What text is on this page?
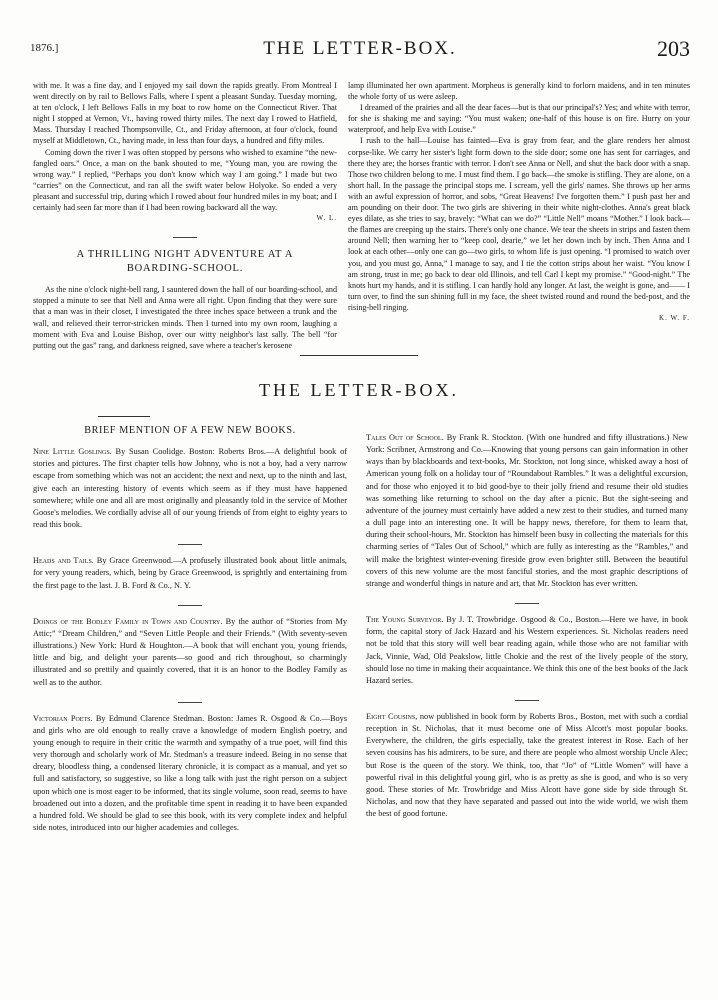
1876.]	THE LETTER-BOX.	203

with me. It was a fine day, and I enjoyed my sail down the rapids greatly. From Montreal I went directly on by rail to Bellows Falls, where I spent a pleasant Sunday. Tuesday morning, at ten o'clock, I left Bellows Falls in my boat to row home on the Connecticut River. That night I stopped at Vernon, Vt., having rowed thirty miles. The next day I rowed to Hatfield, Mass. Thursday I reached Thompsonville, Ct., and Friday afternoon, at four o'clock, found myself at Middletown, Ct., having made, in less than four days, a hundred and fifty miles.

Coming down the river I was often stopped by persons who wished to examine “the new-fangled oars.” Once, a man on the bank shouted to me, “Young man, you are rowing the wrong way.” I replied, “Perhaps you don't know which way I am going.” I made but two “carries” on the Connecticut, and ran all the swift water below Holyoke. So ended a very pleasant and successful trip, during which I rowed about four hundred miles in my boat; and I certainly had seen far more than if I had been rowing backward all the way.

W. L.

A THRILLING NIGHT ADVENTURE AT A
BOARDING-SCHOOL.

As the nine o'clock night-bell rang, I sauntered down the hall of our boarding-school, and stopped a minute to see that Nell and Anna were all right. Upon finding that they were sure that a man was in their closet, I investigated the three inches space between a trunk and the wall, and relieved their terror-stricken minds. Then I turned into my own room, laughing a moment with Eva and Louise Bishop, over our witty neighbor's last sally. The bell “for putting out the gas” rang, and darkness reigned, save where a teacher's kerosene

lamp illuminated her own apartment. Morpheus is generally kind to forlorn maidens, and in ten minutes the whole forty of us were asleep.

I dreamed of the prairies and all the dear faces—but is that our principal's? Yes; and white with terror, for she is shaking me and saying: “You must waken; one-half of this house is on fire. Hurry on your waterproof, and help Eva with Louise.”

I rush to the hall—Louise has fainted—Eva is gray from fear, and the glare renders her almost corpse-like. We carry her sister's light form down to the side door; some one has sent for carriages, and there they are; the horses frantic with terror. I don't see Anna or Nell, and shut the back door with a snap. Those two children belong to me. I must find them. I go back—the smoke is stifling. They are alone, on a short hall. In the passage the principal stops me. I scream, yell the girls' names. She throws up her arms with an awful expression of horror, and sobs, “Great Heavens! I've forgotten them.” I push past her and am pounding on their door. The two girls are shivering in their white night-clothes. Anna's great black eyes dilate, as she tries to say, bravely: “What can we do?” “Little Nell” moans “Mother.” I look back—the flames are creeping up the stairs. There's only one chance. We tear the sheets in strips and fasten them around Nell; then warning her to “keep cool, dearie,” we let her down inch by inch. Then Anna and I look at each other—only one can go—two girls, to whom life is just opening. “I promised to watch over you, and you must go, Anna,” I manage to say, and I tie the cotton strips about her waist. “You know I am strong, trust in me; go back to dear old Illinois, and tell Carl I kept my promise.” “Good-night.” The knots hurt my hands, and it is stifling. I can hardly hold any longer. At last, the weight is gone, and—— I turn over, to find the sun shining full in my face, the sheet twisted round and round the bed-post, and the rising-bell ringing.

K. W. F.

THE LETTER-BOX.
BRIEF MENTION OF A FEW NEW BOOKS.

Nine Little Goslings. By Susan Coolidge. Boston: Roberts Bros.—A delightful book of stories and pictures. The first chapter tells how Johnny, who is not a boy, had a very narrow escape from something which was not an accident; the next and next, up to the ninth and last, give each an interesting history of events which seem as if they must have happened somewhere; while one and all are most originally and pleasantly told in the service of Mother Goose's melodies. We cordially advise all of our young friends of from eight to eighty years to read this book.

Heads and Tails. By Grace Greenwood.—A profusely illustrated book about little animals, for very young readers, which, being by Grace Greenwood, is sprightly and entertaining from the first page to the last. J. B. Ford & Co., N. Y.

Doings of the Bodley Family in Town and Country. By the author of “Stories from My Attic;” “Dream Children,” and “Seven Little People and their Friends.” (With seventy-seven illustrations.) New York: Hurd & Houghton.—A book that will enchant you, young friends, little and big, and delight your parents—so good and rich throughout, so charmingly illustrated and so prettily and quaintly covered, that it is an honor to the Bodley Family as well as to the author.

Victorian Poets. By Edmund Clarence Stedman. Boston: James R. Osgood & Co.—Boys and girls who are old enough to really crave a knowledge of modern English poetry, and young enough to require in their critic the warmth and sympathy of a true poet, will find this very thorough and scholarly work of Mr. Stedman's a treasure indeed. Being in no sense that dreary, bloodless thing, a condensed literary chronicle, it is compact as a manual, and yet so full and satisfactory, so suggestive, so like a long talk with just the right person on a subject upon which one is most eager to be informed, that its single volume, soon read, seems to have broadened out into a dozen, and the profitable time spent in reading it to have been expanded a hundred fold. We should be glad to see this book, with its very complete index and helpful side notes, introduced into our higher academies and colleges.

Tales Out of School. By Frank R. Stockton. (With one hundred and fifty illustrations.) New York: Scribner, Armstrong and Co.—Knowing that young persons can gain information in other ways than by blackboards and text-books, Mr. Stockton, not long since, whisked away a host of American young folk on a holiday tour of “Roundabout Rambles.” It was a delightful excursion, and for those who enjoyed it to bid good-bye to their jolly friend and resume their old studies was something like returning to school on the day after a picnic. But the sight-seeing and adventure of the journey must certainly have added a new zest to their studies, and turned many a dull page into an interesting one. It will be happy news, therefore, for them to learn that, during their school-hours, Mr. Stockton has himself been busy in collecting the materials for this charming series of “Tales Out of School,” which are fully as interesting as the “Rambles,” and will make the brightest winter-evening fireside grow even brighter still. Between the beautiful covers of this new volume are the most fanciful stories, and the most graphic descriptions of strange and wonderful things in nature and art, that Mr. Stockton has ever written.

The Young Surveyor. By J. T. Trowbridge. Osgood & Co., Boston.—Here we have, in book form, the capital story of Jack Hazard and his Western experiences. St. Nicholas readers need not be told that this story will well bear reading again, while those who are not familiar with Jack, Vinnie, Wad, Old Peakslow, little Chokie and the rest of the lively people of the story, should lose no time in making their acquaintance. We think this one of the best books of the Jack Hazard series.

Eight Cousins, now published in book form by Roberts Bros., Boston, met with such a cordial reception in St. Nicholas, that it must become one of Miss Alcott's most popular books. Everywhere, the children, the girls especially, take the greatest interest in Rose. Each of her seven cousins has his admirers, to be sure, and there are people who almost worship Uncle Alec; but Rose is the queen of the story. We think, too, that “Jo” of “Little Women” will have a powerful rival in this delightful young girl, who is as pretty as she is good, and who is so very good. These stories of Mr. Trowbridge and Miss Alcott have gone side by side through St. Nicholas, and now that they have separated and passed out into the wide world, we wish them the best of good fortune.
